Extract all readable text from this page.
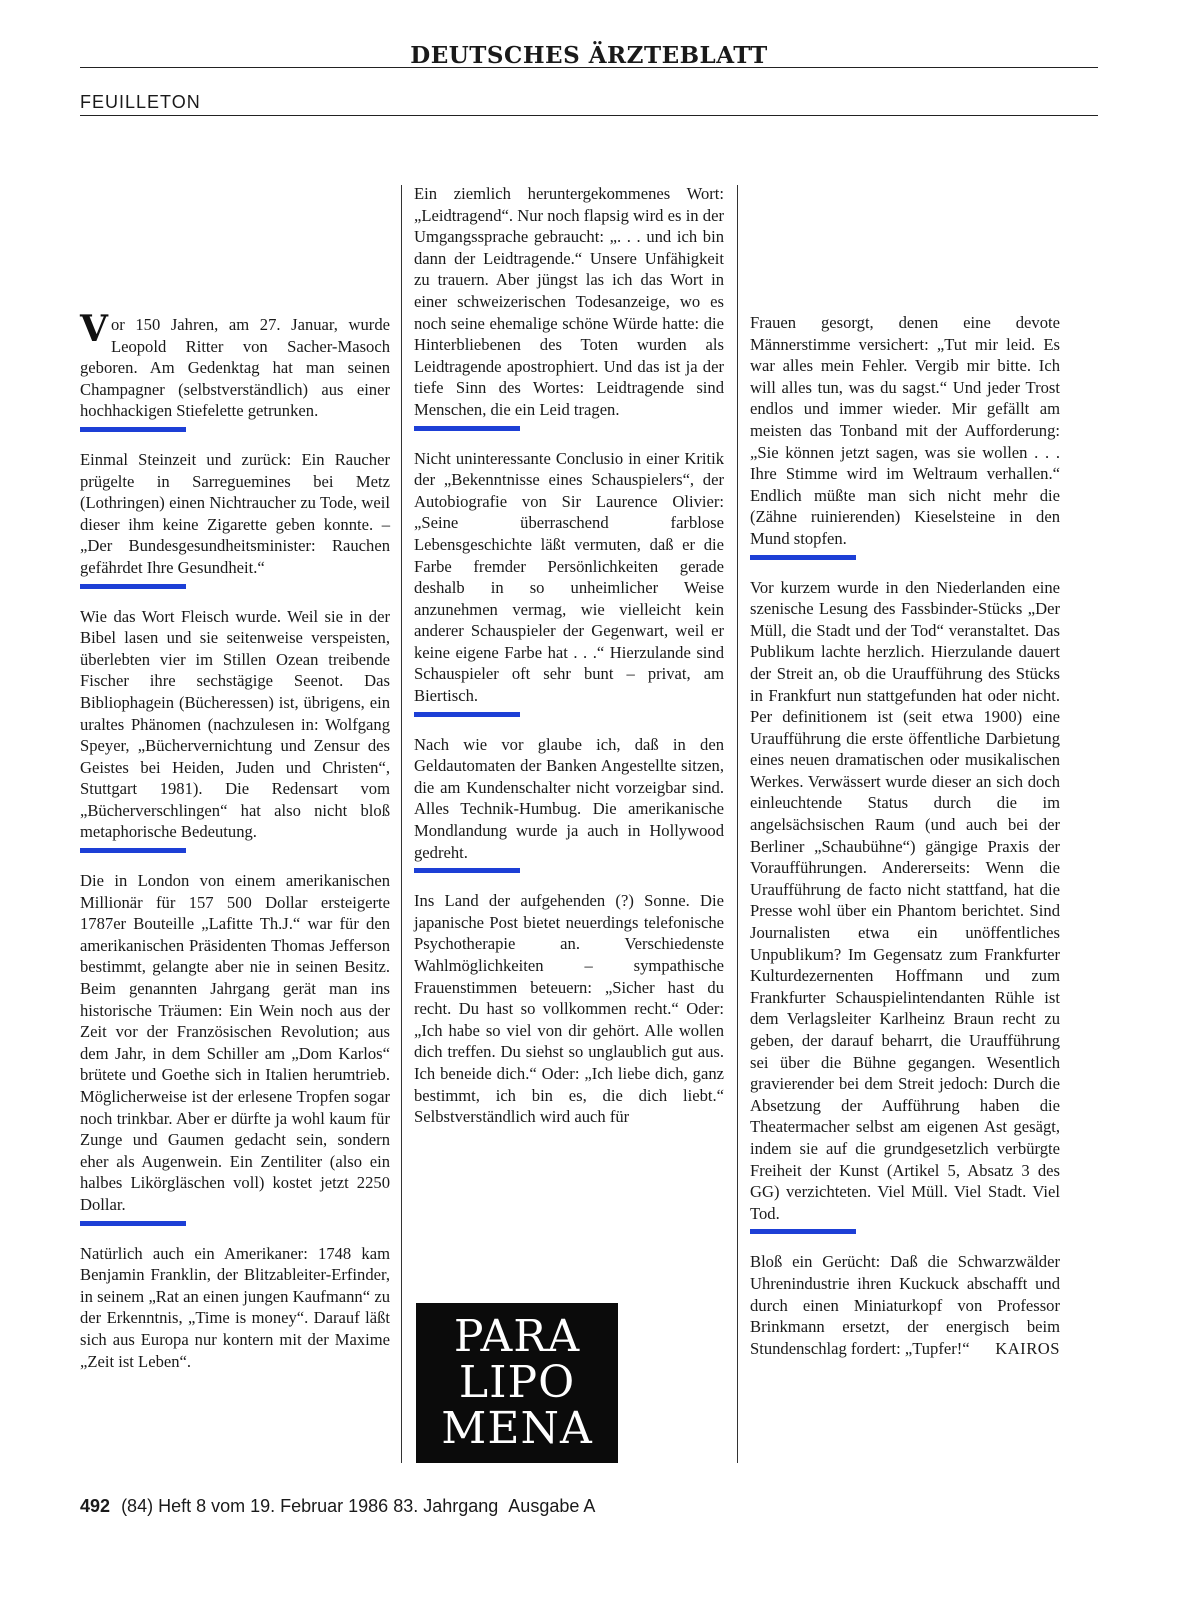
DEUTSCHES ÄRZTEBLATT
FEUILLETON

Vor 150 Jahren, am 27. Januar, wurde Leopold Ritter von Sacher-Masoch geboren. Am Gedenktag hat man seinen Champagner (selbstverständlich) aus einer hochhackigen Stiefelette getrunken.

Einmal Steinzeit und zurück: Ein Raucher prügelte in Sarreguemines bei Metz (Lothringen) einen Nichtraucher zu Tode, weil dieser ihm keine Zigarette geben konnte. – „Der Bundesgesundheitsminister: Rauchen gefährdet Ihre Gesundheit.“

Wie das Wort Fleisch wurde. Weil sie in der Bibel lasen und sie seitenweise verspeisten, überlebten vier im Stillen Ozean treibende Fischer ihre sechstägige Seenot. Das Bibliophagein (Bücheressen) ist, übrigens, ein uraltes Phänomen (nachzulesen in: Wolfgang Speyer, „Büchervernichtung und Zensur des Geistes bei Heiden, Juden und Christen“, Stuttgart 1981). Die Redensart vom „Bücherverschlingen“ hat also nicht bloß metaphorische Bedeutung.

Die in London von einem amerikanischen Millionär für 157 500 Dollar ersteigerte 1787er Bouteille „Lafitte Th.J.“ war für den amerikanischen Präsidenten Thomas Jefferson bestimmt, gelangte aber nie in seinen Besitz. Beim genannten Jahrgang gerät man ins historische Träumen: Ein Wein noch aus der Zeit vor der Französischen Revolution; aus dem Jahr, in dem Schiller am „Dom Karlos“ brütete und Goethe sich in Italien herumtrieb. Möglicherweise ist der erlesene Tropfen sogar noch trinkbar. Aber er dürfte ja wohl kaum für Zunge und Gaumen gedacht sein, sondern eher als Augenwein. Ein Zentiliter (also ein halbes Likörgläschen voll) kostet jetzt 2250 Dollar.

Natürlich auch ein Amerikaner: 1748 kam Benjamin Franklin, der Blitzableiter-Erfinder, in seinem „Rat an einen jungen Kaufmann“ zu der Erkenntnis, „Time is money“. Darauf läßt sich aus Europa nur kontern mit der Maxime „Zeit ist Leben“.

Ein ziemlich heruntergekommenes Wort: „Leidtragend“. Nur noch flapsig wird es in der Umgangssprache gebraucht: „. . . und ich bin dann der Leidtragende.“ Unsere Unfähigkeit zu trauern. Aber jüngst las ich das Wort in einer schweizerischen Todesanzeige, wo es noch seine ehemalige schöne Würde hatte: die Hinterbliebenen des Toten wurden als Leidtragende apostrophiert. Und das ist ja der tiefe Sinn des Wortes: Leidtragende sind Menschen, die ein Leid tragen.

Nicht uninteressante Conclusio in einer Kritik der „Bekenntnisse eines Schauspielers“, der Autobiografie von Sir Laurence Olivier: „Seine überraschend farblose Lebensgeschichte läßt vermuten, daß er die Farbe fremder Persönlichkeiten gerade deshalb in so unheimlicher Weise anzunehmen vermag, wie vielleicht kein anderer Schauspieler der Gegenwart, weil er keine eigene Farbe hat . . .“ Hierzulande sind Schauspieler oft sehr bunt – privat, am Biertisch.

Nach wie vor glaube ich, daß in den Geldautomaten der Banken Angestellte sitzen, die am Kundenschalter nicht vorzeigbar sind. Alles Technik-Humbug. Die amerikanische Mondlandung wurde ja auch in Hollywood gedreht.

Ins Land der aufgehenden (?) Sonne. Die japanische Post bietet neuerdings telefonische Psychotherapie an. Verschiedenste Wahlmöglichkeiten – sympathische Frauenstimmen beteuern: „Sicher hast du recht. Du hast so vollkommen recht.“ Oder: „Ich habe so viel von dir gehört. Alle wollen dich treffen. Du siehst so unglaublich gut aus. Ich beneide dich.“ Oder: „Ich liebe dich, ganz bestimmt, ich bin es, die dich liebt.“ Selbstverständlich wird auch für

PARA
LIPO
MENA

Frauen gesorgt, denen eine devote Männerstimme versichert: „Tut mir leid. Es war alles mein Fehler. Vergib mir bitte. Ich will alles tun, was du sagst.“ Und jeder Trost endlos und immer wieder. Mir gefällt am meisten das Tonband mit der Aufforderung: „Sie können jetzt sagen, was sie wollen . . . Ihre Stimme wird im Weltraum verhallen.“ Endlich müßte man sich nicht mehr die (Zähne ruinierenden) Kieselsteine in den Mund stopfen.

Vor kurzem wurde in den Niederlanden eine szenische Lesung des Fassbinder-Stücks „Der Müll, die Stadt und der Tod“ veranstaltet. Das Publikum lachte herzlich. Hierzulande dauert der Streit an, ob die Uraufführung des Stücks in Frankfurt nun stattgefunden hat oder nicht. Per definitionem ist (seit etwa 1900) eine Uraufführung die erste öffentliche Darbietung eines neuen dramatischen oder musikalischen Werkes. Verwässert wurde dieser an sich doch einleuchtende Status durch die im angelsächsischen Raum (und auch bei der Berliner „Schaubühne“) gängige Praxis der Voraufführungen. Andererseits: Wenn die Uraufführung de facto nicht stattfand, hat die Presse wohl über ein Phantom berichtet. Sind Journalisten etwa ein unöffentliches Unpublikum? Im Gegensatz zum Frankfurter Kulturdezernenten Hoffmann und zum Frankfurter Schauspielintendanten Rühle ist dem Verlagsleiter Karlheinz Braun recht zu geben, der darauf beharrt, die Uraufführung sei über die Bühne gegangen. Wesentlich gravierender bei dem Streit jedoch: Durch die Absetzung der Aufführung haben die Theatermacher selbst am eigenen Ast gesägt, indem sie auf die grundgesetzlich verbürgte Freiheit der Kunst (Artikel 5, Absatz 3 des GG) verzichteten. Viel Müll. Viel Stadt. Viel Tod.

Bloß ein Gerücht: Daß die Schwarzwälder Uhrenindustrie ihren Kuckuck abschafft und durch einen Miniaturkopf von Professor Brinkmann ersetzt, der energisch beim Stundenschlag fordert: „Tupfer!“ KAIROS

492 (84) Heft 8 vom 19. Februar 1986 83. Jahrgang Ausgabe A
